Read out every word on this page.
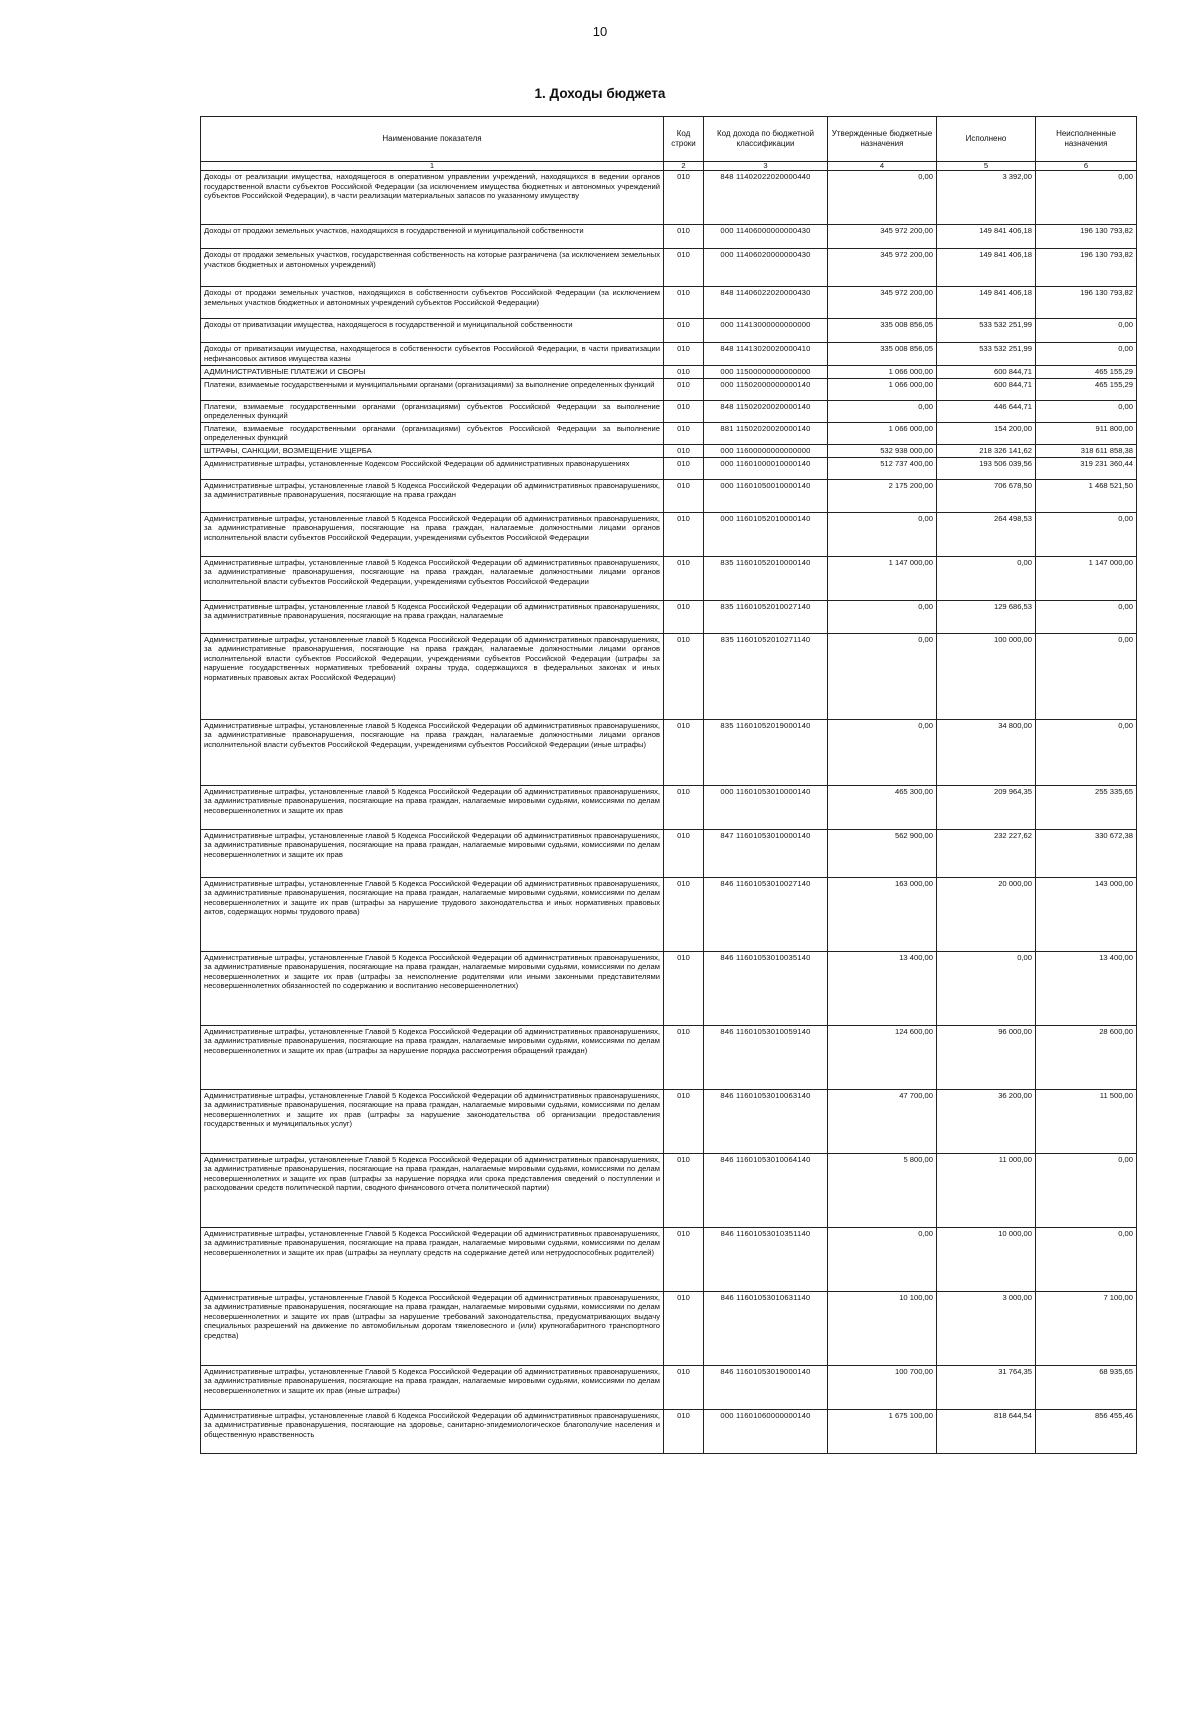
10
1. Доходы бюджета
Наименование показателя	Код строки	Код дохода по бюджетной классификации	Утвержденные бюджетные назначения	Исполнено	Неисполненные назначения
1	2	3	4	5	6
Доходы от реализации имущества, находящегося в оперативном управлении учреждений, находящихся в ведении органов государственной власти субъектов Российской Федерации (за исключением имущества бюджетных и автономных учреждений субъектов Российской Федерации), в части реализации материальных запасов по указанному имуществу	010	848 11402022020000440	0,00	3 392,00	0,00
Доходы от продажи земельных участков, находящихся в государственной и муниципальной собственности	010	000 11406000000000430	345 972 200,00	149 841 406,18	196 130 793,82
Доходы от продажи земельных участков, государственная собственность на которые разграничена (за исключением земельных участков бюджетных и автономных учреждений)	010	000 11406020000000430	345 972 200,00	149 841 406,18	196 130 793,82
Доходы от продажи земельных участков, находящихся в собственности субъектов Российской Федерации (за исключением земельных участков бюджетных и автономных учреждений субъектов Российской Федерации)	010	848 11406022020000430	345 972 200,00	149 841 406,18	196 130 793,82
Доходы от приватизации имущества, находящегося в государственной и муниципальной собственности	010	000 11413000000000000	335 008 856,05	533 532 251,99	0,00
Доходы от приватизации имущества, находящегося в собственности субъектов Российской Федерации, в части приватизации нефинансовых активов имущества казны	010	848 11413020020000410	335 008 856,05	533 532 251,99	0,00
АДМИНИСТРАТИВНЫЕ ПЛАТЕЖИ И СБОРЫ	010	000 11500000000000000	1 066 000,00	600 844,71	465 155,29
Платежи, взимаемые государственными и муниципальными органами (организациями) за выполнение определенных функций	010	000 11502000000000140	1 066 000,00	600 844,71	465 155,29
Платежи, взимаемые государственными органами (организациями) субъектов Российской Федерации за выполнение определенных функций	010	848 11502020020000140	0,00	446 644,71	0,00
Платежи, взимаемые государственными органами (организациями) субъектов Российской Федерации за выполнение определенных функций	010	881 11502020020000140	1 066 000,00	154 200,00	911 800,00
ШТРАФЫ, САНКЦИИ, ВОЗМЕЩЕНИЕ УЩЕРБА	010	000 11600000000000000	532 938 000,00	218 326 141,62	318 611 858,38
Административные штрафы, установленные Кодексом Российской Федерации об административных правонарушениях	010	000 11601000010000140	512 737 400,00	193 506 039,56	319 231 360,44
Административные штрафы, установленные главой 5 Кодекса Российской Федерации об административных правонарушениях, за административные правонарушения, посягающие на права граждан	010	000 11601050010000140	2 175 200,00	706 678,50	1 468 521,50
Административные штрафы, установленные главой 5 Кодекса Российской Федерации об административных правонарушениях, за административные правонарушения, посягающие на права граждан, налагаемые должностными лицами органов исполнительной власти субъектов Российской Федерации, учреждениями субъектов Российской Федерации	010	000 11601052010000140	0,00	264 498,53	0,00
Административные штрафы, установленные главой 5 Кодекса Российской Федерации об административных правонарушениях, за административные правонарушения, посягающие на права граждан, налагаемые должностными лицами органов исполнительной власти субъектов Российской Федерации, учреждениями субъектов Российской Федерации	010	835 11601052010000140	1 147 000,00	0,00	1 147 000,00
Административные штрафы, установленные главой 5 Кодекса Российской Федерации об административных правонарушениях, за административные правонарушения, посягающие на права граждан, налагаемые	010	835 11601052010027140	0,00	129 686,53	0,00
Административные штрафы, установленные главой 5 Кодекса Российской Федерации об административных правонарушениях, за административные правонарушения, посягающие на права граждан, налагаемые должностными лицами органов исполнительной власти субъектов Российской Федерации, учреждениями субъектов Российской Федерации (штрафы за нарушение государственных нормативных требований охраны труда, содержащихся в федеральных законах и иных нормативных правовых актах Российской Федерации)	010	835 11601052010271140	0,00	100 000,00	0,00
Административные штрафы, установленные главой 5 Кодекса Российской Федерации об административных правонарушениях, за административные правонарушения, посягающие на права граждан, налагаемые должностными лицами органов исполнительной власти субъектов Российской Федерации, учреждениями субъектов Российской Федерации (иные штрафы)	010	835 11601052019000140	0,00	34 800,00	0,00
Административные штрафы, установленные главой 5 Кодекса Российской Федерации об административных правонарушениях, за административные правонарушения, посягающие на права граждан, налагаемые мировыми судьями, комиссиями по делам несовершеннолетних и защите их прав	010	000 11601053010000140	465 300,00	209 964,35	255 335,65
Административные штрафы, установленные главой 5 Кодекса Российской Федерации об административных правонарушениях, за административные правонарушения, посягающие на права граждан, налагаемые мировыми судьями, комиссиями по делам несовершеннолетних и защите их прав	010	847 11601053010000140	562 900,00	232 227,62	330 672,38
Административные штрафы, установленные Главой 5 Кодекса Российской Федерации об административных правонарушениях, за административные правонарушения, посягающие на права граждан, налагаемые мировыми судьями, комиссиями по делам несовершеннолетних и защите их прав (штрафы за нарушение трудового законодательства и иных нормативных правовых актов, содержащих нормы трудового права)	010	846 11601053010027140	163 000,00	20 000,00	143 000,00
Административные штрафы, установленные Главой 5 Кодекса Российской Федерации об административных правонарушениях, за административные правонарушения, посягающие на права граждан, налагаемые мировыми судьями, комиссиями по делам несовершеннолетних и защите их прав (штрафы за неисполнение родителями или иными законными представителями несовершеннолетних обязанностей по содержанию и воспитанию несовершеннолетних)	010	846 11601053010035140	13 400,00	0,00	13 400,00
Административные штрафы, установленные Главой 5 Кодекса Российской Федерации об административных правонарушениях, за административные правонарушения, посягающие на права граждан, налагаемые мировыми судьями, комиссиями по делам несовершеннолетних и защите их прав (штрафы за нарушение порядка рассмотрения обращений граждан)	010	846 11601053010059140	124 600,00	96 000,00	28 600,00
Административные штрафы, установленные Главой 5 Кодекса Российской Федерации об административных правонарушениях, за административные правонарушения, посягающие на права граждан, налагаемые мировыми судьями, комиссиями по делам несовершеннолетних и защите их прав (штрафы за нарушение законодательства об организации предоставления государственных и муниципальных услуг)	010	846 11601053010063140	47 700,00	36 200,00	11 500,00
Административные штрафы, установленные Главой 5 Кодекса Российской Федерации об административных правонарушениях, за административные правонарушения, посягающие на права граждан, налагаемые мировыми судьями, комиссиями по делам несовершеннолетних и защите их прав (штрафы за нарушение порядка или срока представления сведений о поступлении и расходовании средств политической партии, сводного финансового отчета политической партии)	010	846 11601053010064140	5 800,00	11 000,00	0,00
Административные штрафы, установленные Главой 5 Кодекса Российской Федерации об административных правонарушениях, за административные правонарушения, посягающие на права граждан, налагаемые мировыми судьями, комиссиями по делам несовершеннолетних и защите их прав (штрафы за неуплату средств на содержание детей или нетрудоспособных родителей)	010	846 11601053010351140	0,00	10 000,00	0,00
Административные штрафы, установленные Главой 5 Кодекса Российской Федерации об административных правонарушениях, за административные правонарушения, посягающие на права граждан, налагаемые мировыми судьями, комиссиями по делам несовершеннолетних и защите их прав (штрафы за нарушение требований законодательства, предусматривающих выдачу специальных разрешений на движение по автомобильным дорогам тяжеловесного и (или) крупногабаритного транспортного средства)	010	846 11601053010631140	10 100,00	3 000,00	7 100,00
Административные штрафы, установленные Главой 5 Кодекса Российской Федерации об административных правонарушениях, за административные правонарушения, посягающие на права граждан, налагаемые мировыми судьями, комиссиями по делам несовершеннолетних и защите их прав (иные штрафы)	010	846 11601053019000140	100 700,00	31 764,35	68 935,65
Административные штрафы, установленные главой 6 Кодекса Российской Федерации об административных правонарушениях, за административные правонарушения, посягающие на здоровье, санитарно-эпидемиологическое благополучие населения и общественную нравственность	010	000 11601060000000140	1 675 100,00	818 644,54	856 455,46
